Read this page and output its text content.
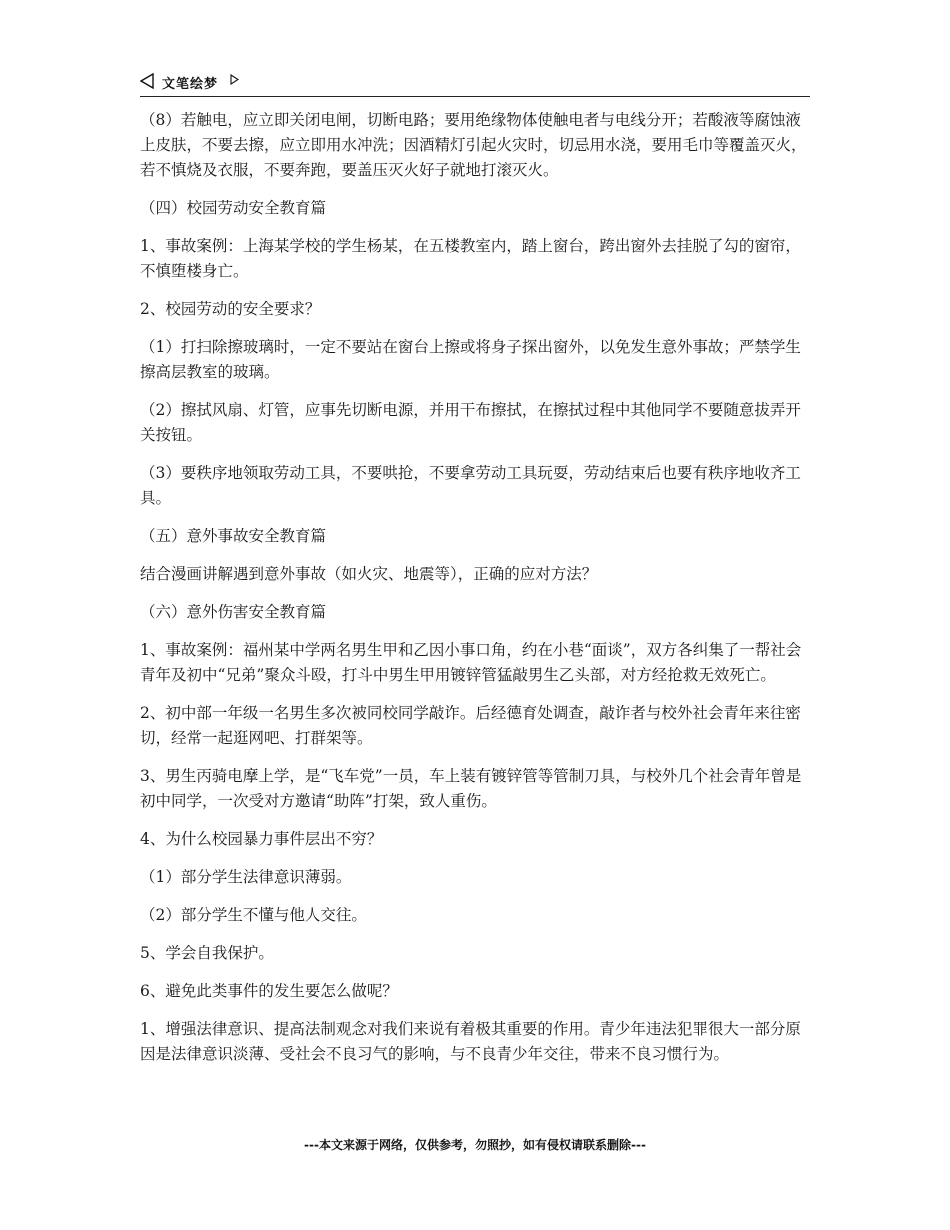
文笔绘梦

（8）若触电，应立即关闭电闸，切断电路；要用绝缘物体使触电者与电线分开；若酸液等腐蚀液上皮肤，不要去擦，应立即用水冲洗；因酒精灯引起火灾时，切忌用水浇，要用毛巾等覆盖灭火，若不慎烧及衣服，不要奔跑，要盖压灭火好子就地打滚灭火。

（四）校园劳动安全教育篇

1、事故案例：上海某学校的学生杨某，在五楼教室内，踏上窗台，跨出窗外去挂脱了勾的窗帘，不慎堕楼身亡。

2、校园劳动的安全要求？

（1）打扫除擦玻璃时，一定不要站在窗台上擦或将身子探出窗外，以免发生意外事故；严禁学生擦高层教室的玻璃。

（2）擦拭风扇、灯管，应事先切断电源，并用干布擦拭，在擦拭过程中其他同学不要随意拔弄开关按钮。

（3）要秩序地领取劳动工具，不要哄抢，不要拿劳动工具玩耍，劳动结束后也要有秩序地收齐工具。

（五）意外事故安全教育篇

结合漫画讲解遇到意外事故（如火灾、地震等），正确的应对方法？

（六）意外伤害安全教育篇

1、事故案例：福州某中学两名男生甲和乙因小事口角，约在小巷“面谈”，双方各纠集了一帮社会青年及初中“兄弟”聚众斗殴，打斗中男生甲用镀锌管猛敲男生乙头部，对方经抢救无效死亡。

2、初中部一年级一名男生多次被同校同学敲诈。后经德育处调查，敲诈者与校外社会青年来往密切，经常一起逛网吧、打群架等。

3、男生丙骑电摩上学，是“飞车党”一员，车上装有镀锌管等管制刀具，与校外几个社会青年曾是初中同学，一次受对方邀请“助阵”打架，致人重伤。

4、为什么校园暴力事件层出不穷？

（1）部分学生法律意识薄弱。

（2）部分学生不懂与他人交往。

5、学会自我保护。

6、避免此类事件的发生要怎么做呢？

1、增强法律意识、提高法制观念对我们来说有着极其重要的作用。青少年违法犯罪很大一部分原因是法律意识淡薄、受社会不良习气的影响，与不良青少年交往，带来不良习惯行为。

---本文来源于网络，仅供参考，勿照抄，如有侵权请联系删除---
